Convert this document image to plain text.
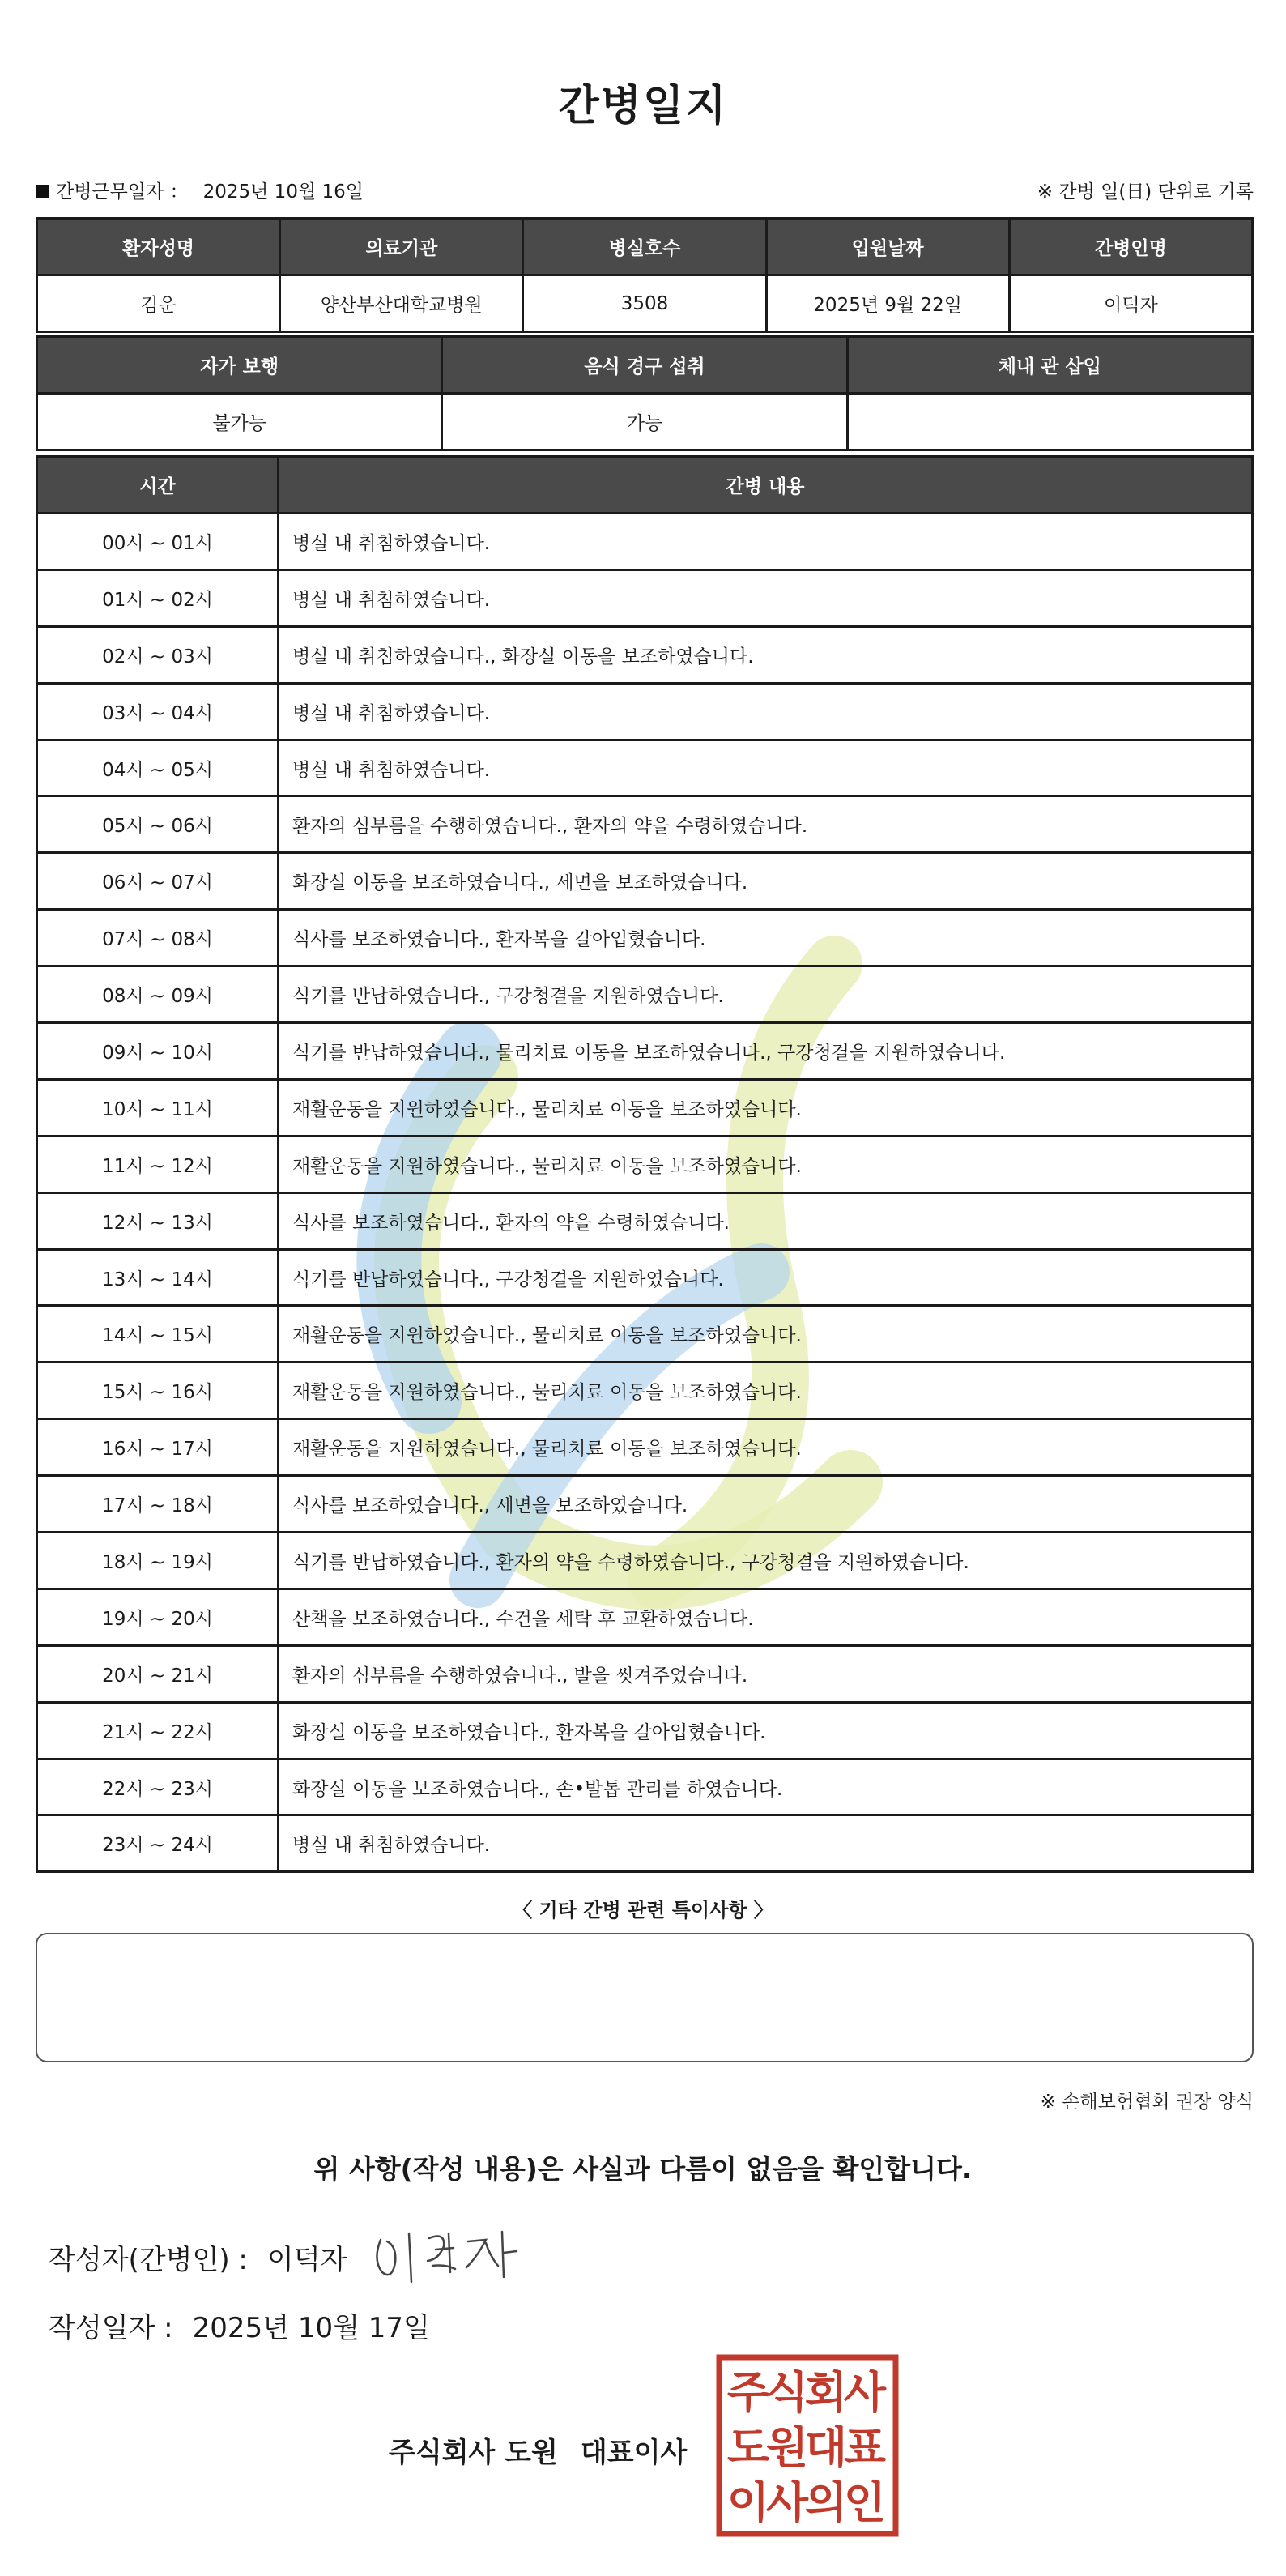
간병일지
간병근무일자 ： 2025년 10월 16일	※ 간병 일(日) 단위로 기록
환자성명	의료기관	병실호수	입원날짜	간병인명
김운	양산부산대학교병원	3508	2025년 9월 22일	이덕자
자가 보행	음식 경구 섭취	체내 관 삽입
불가능	가능	
시간	간병 내용
00시 ~ 01시	병실 내 취침하였습니다.
01시 ~ 02시	병실 내 취침하였습니다.
02시 ~ 03시	병실 내 취침하였습니다., 화장실 이동을 보조하였습니다.
03시 ~ 04시	병실 내 취침하였습니다.
04시 ~ 05시	병실 내 취침하였습니다.
05시 ~ 06시	환자의 심부름을 수행하였습니다., 환자의 약을 수령하였습니다.
06시 ~ 07시	화장실 이동을 보조하였습니다., 세면을 보조하였습니다.
07시 ~ 08시	식사를 보조하였습니다., 환자복을 갈아입혔습니다.
08시 ~ 09시	식기를 반납하였습니다., 구강청결을 지원하였습니다.
09시 ~ 10시	식기를 반납하였습니다., 물리치료 이동을 보조하였습니다., 구강청결을 지원하였습니다.
10시 ~ 11시	재활운동을 지원하였습니다., 물리치료 이동을 보조하였습니다.
11시 ~ 12시	재활운동을 지원하였습니다., 물리치료 이동을 보조하였습니다.
12시 ~ 13시	식사를 보조하였습니다., 환자의 약을 수령하였습니다.
13시 ~ 14시	식기를 반납하였습니다., 구강청결을 지원하였습니다.
14시 ~ 15시	재활운동을 지원하였습니다., 물리치료 이동을 보조하였습니다.
15시 ~ 16시	재활운동을 지원하였습니다., 물리치료 이동을 보조하였습니다.
16시 ~ 17시	재활운동을 지원하였습니다., 물리치료 이동을 보조하였습니다.
17시 ~ 18시	식사를 보조하였습니다., 세면을 보조하였습니다.
18시 ~ 19시	식기를 반납하였습니다., 환자의 약을 수령하였습니다., 구강청결을 지원하였습니다.
19시 ~ 20시	산책을 보조하였습니다., 수건을 세탁 후 교환하였습니다.
20시 ~ 21시	환자의 심부름을 수행하였습니다., 발을 씻겨주었습니다.
21시 ~ 22시	화장실 이동을 보조하였습니다., 환자복을 갈아입혔습니다.
22시 ~ 23시	화장실 이동을 보조하였습니다., 손•발톱 관리를 하였습니다.
23시 ~ 24시	병실 내 취침하였습니다.
〈 기타 간병 관련 특이사항 〉
※ 손해보험협회 권장 양식
위 사항(작성 내용)은 사실과 다름이 없음을 확인합니다.
작성자(간병인) : 이덕자
작성일자 : 2025년 10월 17일
주식회사 도원 대표이사
주
식
회
사
도
원
대
표
이
사
의
인
